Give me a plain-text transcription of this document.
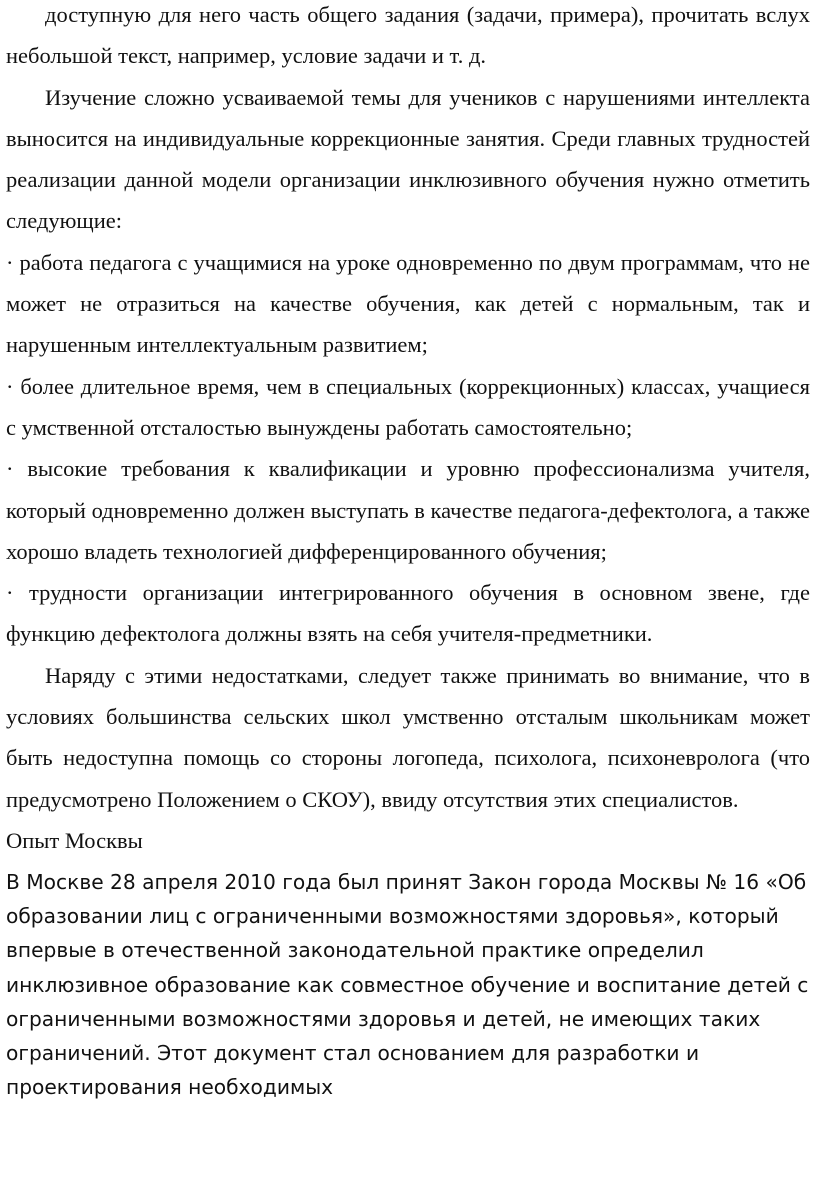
доступную для него часть общего задания (задачи, примера), прочитать вслух небольшой текст, например, условие задачи и т. д.

Изучение сложно усваиваемой темы для учеников с нарушениями интеллекта выносится на индивидуальные коррекционные занятия. Среди главных трудностей реализации данной модели организации инклюзивного обучения нужно отметить следующие:

· работа педагога с учащимися на уроке одновременно по двум программам, что не может не отразиться на качестве обучения, как детей с нормальным, так и нарушенным интеллектуальным развитием;

· более длительное время, чем в специальных (коррекционных) классах, учащиеся с умственной отсталостью вынуждены работать самостоятельно;

· высокие требования к квалификации и уровню профессионализма учителя, который одновременно должен выступать в качестве педагога-дефектолога, а также хорошо владеть технологией дифференцированного обучения;

· трудности организации интегрированного обучения в основном звене, где функцию дефектолога должны взять на себя учителя-предметники.

Наряду с этими недостатками, следует также принимать во внимание, что в условиях большинства сельских школ умственно отсталым школьникам может быть недоступна помощь со стороны логопеда, психолога, психоневролога (что предусмотрено Положением о СКОУ), ввиду отсутствия этих специалистов.

Опыт Москвы

В Москве 28 апреля 2010 года был принят Закон города Москвы № 16 «Об образовании лиц с ограниченными возможностями здоровья», который впервые в отечественной законодательной практике определил инклюзивное образование как совместное обучение и воспитание детей с ограниченными возможностями здоровья и детей, не имеющих таких ограничений. Этот документ стал основанием для разработки и проектирования необходимых
